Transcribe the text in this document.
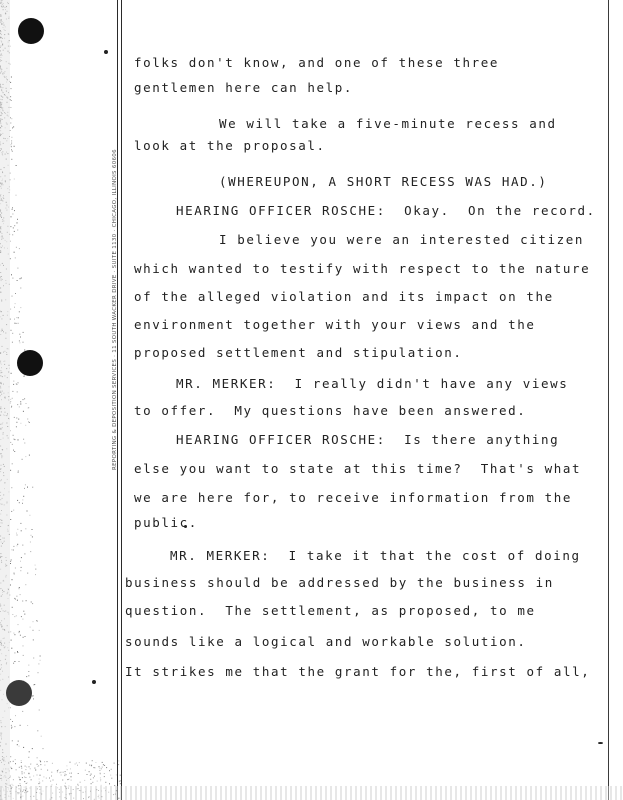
REPORTING & DEPOSITION SERVICES · 11 SOUTH WACKER DRIVE · SUITE 1130 · CHICAGO, ILLINOIS 60606
folks don't know, and one of these three
gentlemen here can help.
We will take a five-minute recess and
look at the proposal.
(WHEREUPON, A SHORT RECESS WAS HAD.)
HEARING OFFICER ROSCHE:  Okay.  On the record.
I believe you were an interested citizen
which wanted to testify with respect to the nature
of the alleged violation and its impact on the
environment together with your views and the
proposed settlement and stipulation.
MR. MERKER:  I really didn't have any views
to offer.  My questions have been answered.
HEARING OFFICER ROSCHE:  Is there anything
else you want to state at this time?  That's what
we are here for, to receive information from the
public.
MR. MERKER:  I take it that the cost of doing
business should be addressed by the business in
question.  The settlement, as proposed, to me
sounds like a logical and workable solution.
It strikes me that the grant for the, first of all,
